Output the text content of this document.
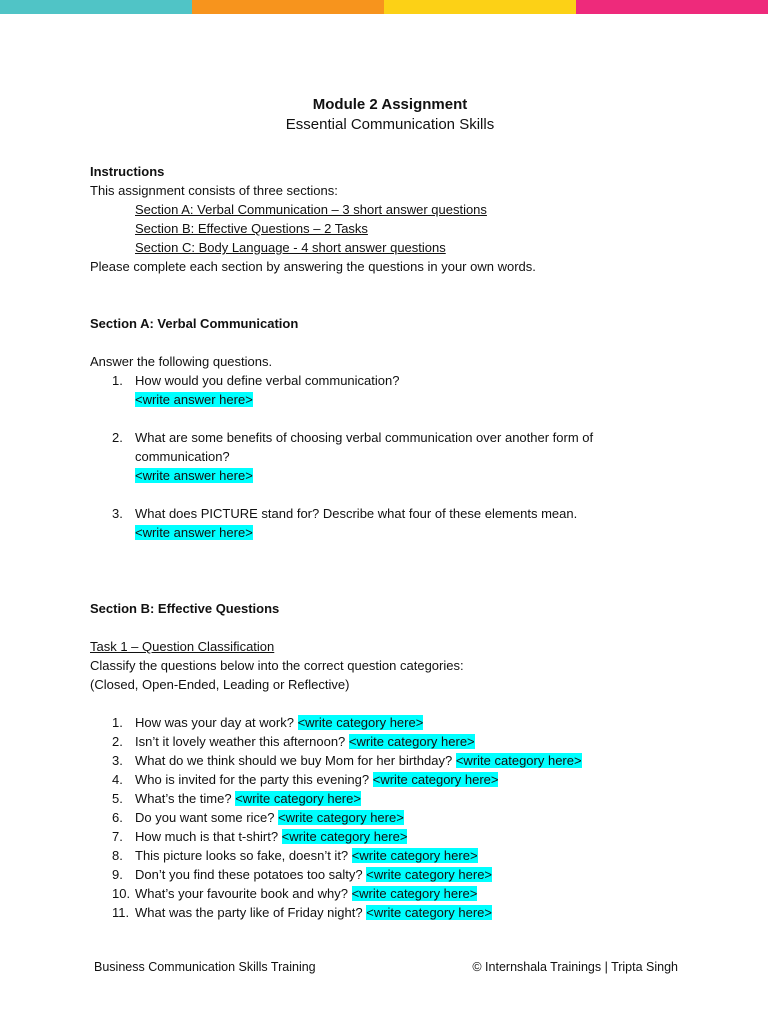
Module 2 Assignment

Essential Communication Skills

Instructions
This assignment consists of three sections:
Section A: Verbal Communication – 3 short answer questions
Section B: Effective Questions – 2 Tasks
Section C: Body Language - 4 short answer questions
Please complete each section by answering the questions in your own words.
Section A: Verbal Communication
Answer the following questions.
1. How would you define verbal communication?
<write answer here>
2. What are some benefits of choosing verbal communication over another form of
communication?
<write answer here>
3. What does PICTURE stand for? Describe what four of these elements mean.
<write answer here>
Section B: Effective Questions
Task 1 – Question Classification
Classify the questions below into the correct question categories:
(Closed, Open-Ended, Leading or Reflective)
1. How was your day at work? <write category here>
2. Isn’t it lovely weather this afternoon? <write category here>
3. What do we think should we buy Mom for her birthday? <write category here>
4. Who is invited for the party this evening? <write category here>
5. What’s the time? <write category here>
6. Do you want some rice? <write category here>
7. How much is that t-shirt? <write category here>
8. This picture looks so fake, doesn’t it? <write category here>
9. Don’t you find these potatoes too salty? <write category here>
10. What’s your favourite book and why? <write category here>
11. What was the party like of Friday night? <write category here>
Business Communication Skills Training	© Internshala Trainings | Tripta Singh
